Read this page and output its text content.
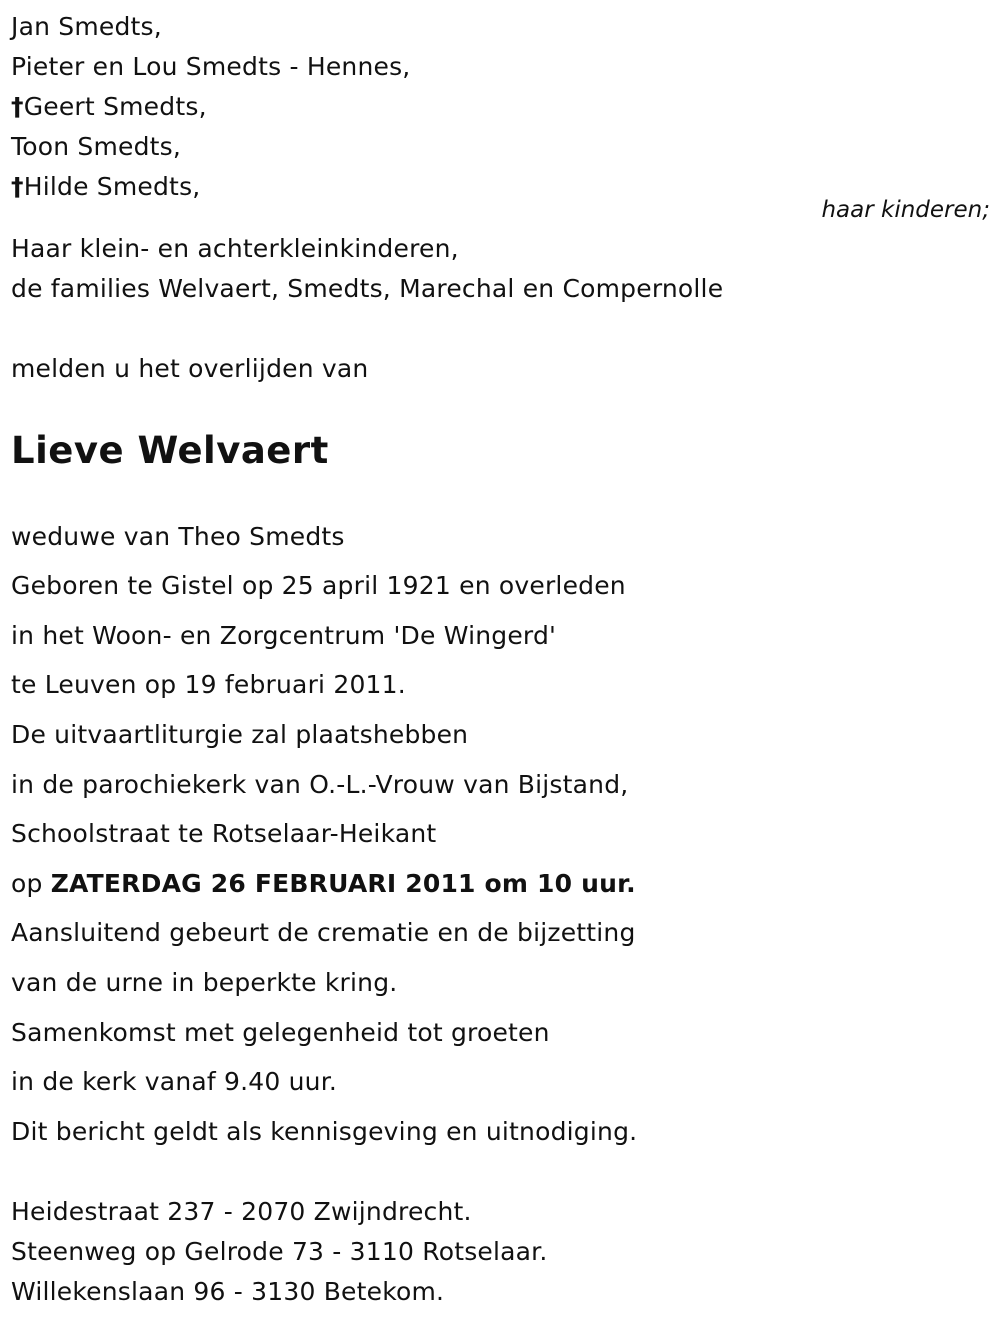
Jan Smedts,
Pieter en Lou Smedts - Hennes,
†Geert Smedts,
Toon Smedts,
†Hilde Smedts,
haar kinderen;
Haar klein- en achterkleinkinderen,
de families Welvaert, Smedts, Marechal en Compernolle
melden u het overlijden van
Lieve Welvaert
weduwe van Theo Smedts
Geboren te Gistel op 25 april 1921 en overleden
in het Woon- en Zorgcentrum 'De Wingerd'
te Leuven op 19 februari 2011.
De uitvaartliturgie zal plaatshebben
in de parochiekerk van O.-L.-Vrouw van Bijstand,
Schoolstraat te Rotselaar-Heikant
op ZATERDAG 26 FEBRUARI 2011 om 10 uur.
Aansluitend gebeurt de crematie en de bijzetting
van de urne in beperkte kring.
Samenkomst met gelegenheid tot groeten
in de kerk vanaf 9.40 uur.
Dit bericht geldt als kennisgeving en uitnodiging.
Heidestraat 237 - 2070 Zwijndrecht.
Steenweg op Gelrode 73 - 3110 Rotselaar.
Willekenslaan 96 - 3130 Betekom.
